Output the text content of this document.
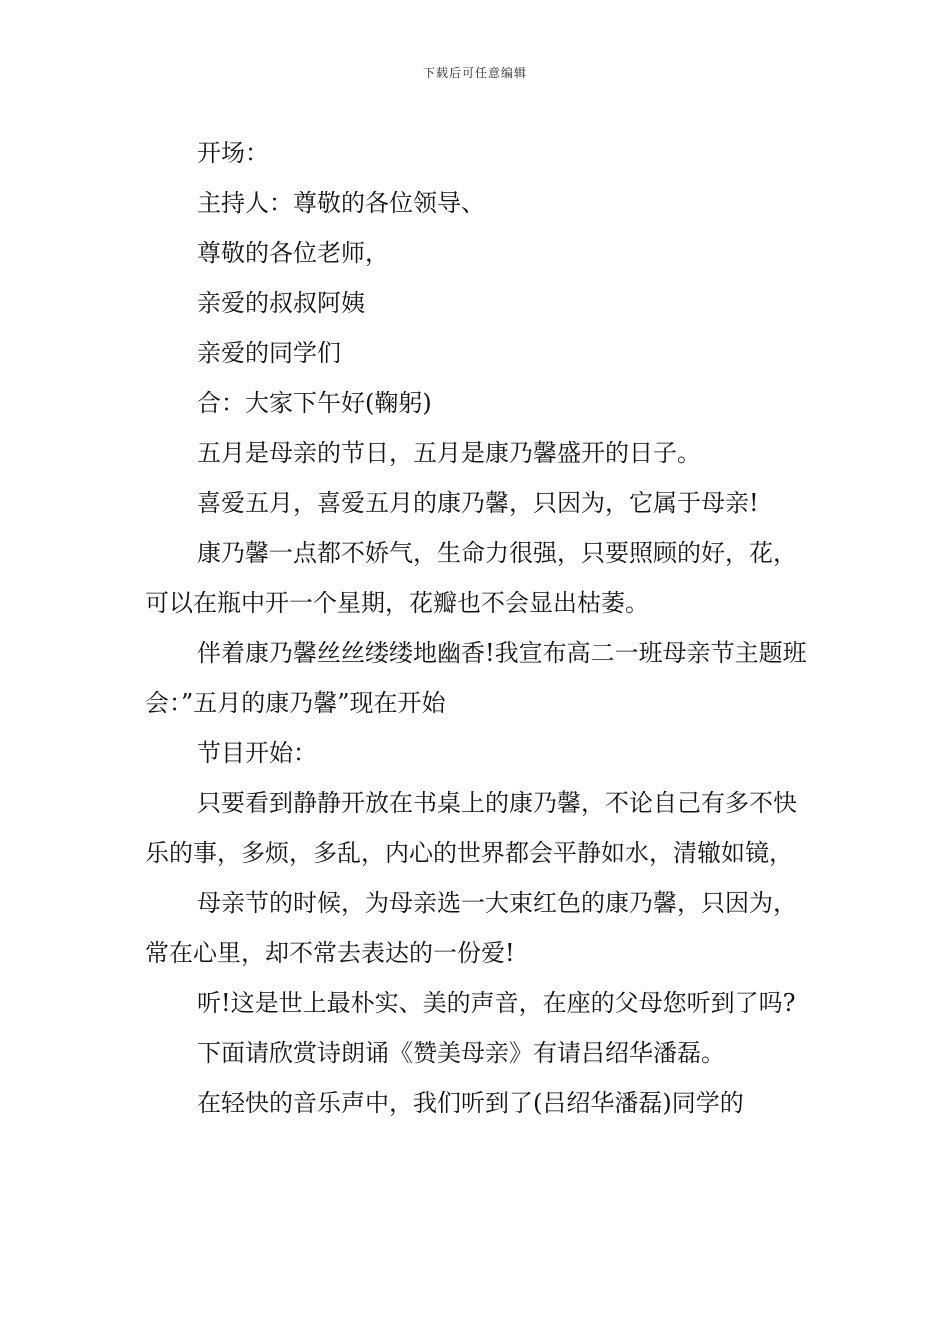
下载后可任意编辑

开场：

主持人：尊敬的各位领导、

尊敬的各位老师，

亲爱的叔叔阿姨

亲爱的同学们

合：大家下午好(鞠躬)

五月是母亲的节日，五月是康乃馨盛开的日子。

喜爱五月，喜爱五月的康乃馨，只因为，它属于母亲!

康乃馨一点都不娇气，生命力很强，只要照顾的好，花，可以在瓶中开一个星期，花瓣也不会显出枯萎。

伴着康乃馨丝丝缕缕地幽香!我宣布高二一班母亲节主题班会：”五月的康乃馨”现在开始

节目开始：

只要看到静静开放在书桌上的康乃馨，不论自己有多不快乐的事，多烦，多乱，内心的世界都会平静如水，清辙如镜，

母亲节的时候，为母亲选一大束红色的康乃馨，只因为，常在心里，却不常去表达的一份爱!

听!这是世上最朴实、美的声音，在座的父母您听到了吗?

下面请欣赏诗朗诵《赞美母亲》有请吕绍华潘磊。

在轻快的音乐声中，我们听到了(吕绍华潘磊)同学的
